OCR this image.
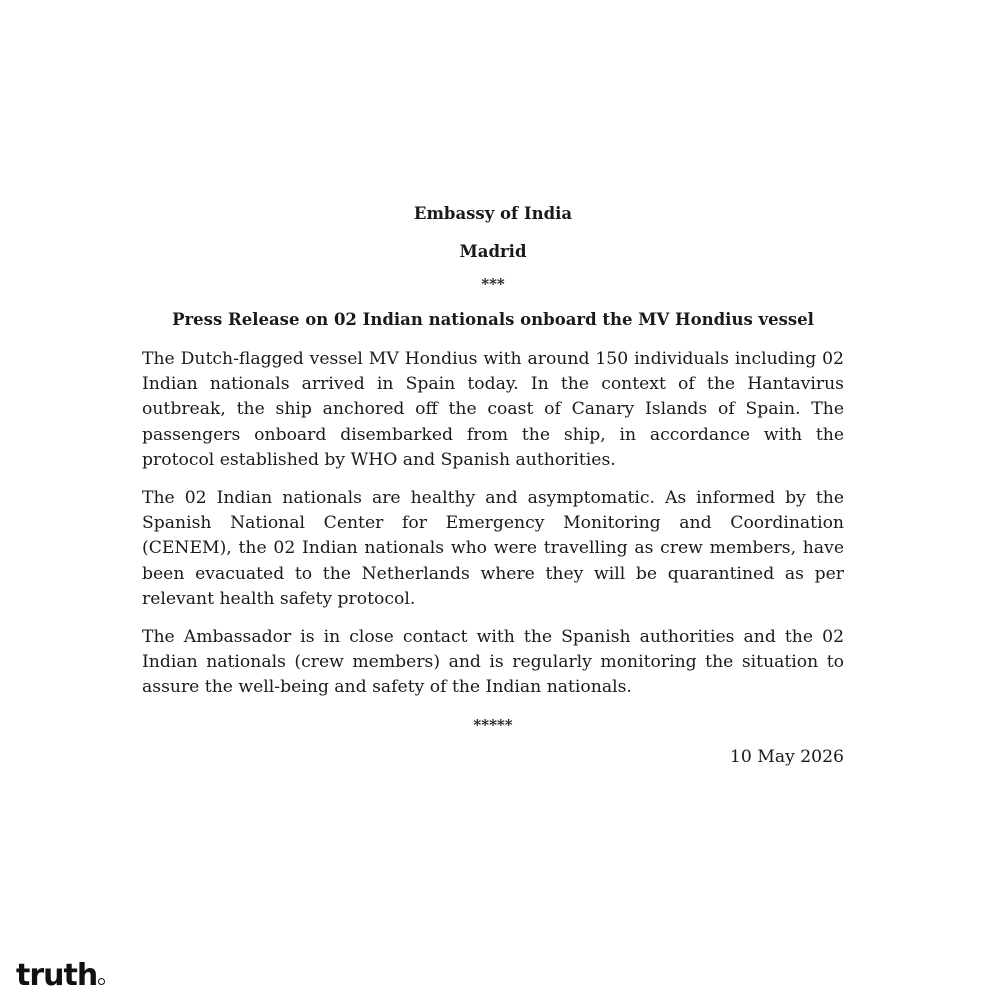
Embassy of India

Madrid

***
Press Release on 02 Indian nationals onboard the MV Hondius vessel

The Dutch-flagged vessel MV Hondius with around 150 individuals including 02 Indian nationals arrived in Spain today. In the context of the Hantavirus outbreak, the ship anchored off the coast of Canary Islands of Spain. The passengers onboard disembarked from the ship, in accordance with the protocol established by WHO and Spanish authorities.

The 02 Indian nationals are healthy and asymptomatic. As informed by the Spanish National Center for Emergency Monitoring and Coordination (CENEM), the 02 Indian nationals who were travelling as crew members, have been evacuated to the Netherlands where they will be quarantined as per relevant health safety protocol.

The Ambassador is in close contact with the Spanish authorities and the 02 Indian nationals (crew members) and is regularly monitoring the situation to assure the well-being and safety of the Indian nationals.

*****
10 May 2026
truth
